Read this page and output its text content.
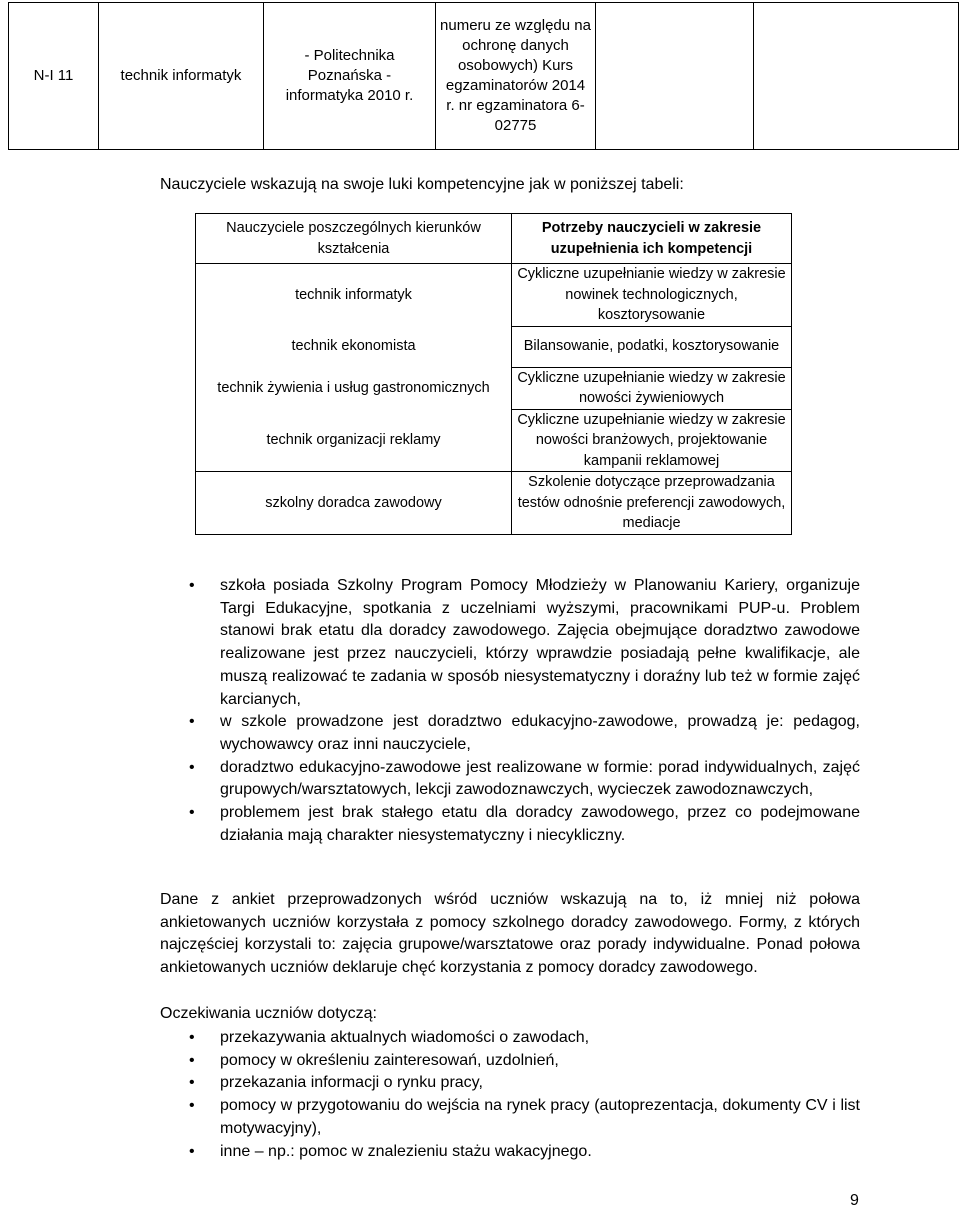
N-I 11	technik informatyk	- Politechnika Poznańska - informatyka 2010 r.	numeru ze względu na ochronę danych osobowych) Kurs egzaminatorów 2014 r. nr egzaminatora 6-02775		
Nauczyciele wskazują na swoje luki kompetencyjne jak w poniższej tabeli:
Nauczyciele poszczególnych kierunków kształcenia	Potrzeby nauczycieli w zakresie uzupełnienia ich kompetencji
technik informatyk	Cykliczne uzupełnianie wiedzy w zakresie nowinek technologicznych, kosztorysowanie
technik ekonomista	Bilansowanie, podatki, kosztorysowanie
technik żywienia i usług gastronomicznych	Cykliczne uzupełnianie wiedzy w zakresie nowości żywieniowych
technik organizacji reklamy	Cykliczne uzupełnianie wiedzy w zakresie nowości branżowych, projektowanie kampanii reklamowej
szkolny doradca zawodowy	Szkolenie dotyczące przeprowadzania testów odnośnie preferencji zawodowych, mediacje
• szkoła posiada Szkolny Program Pomocy Młodzieży w Planowaniu Kariery, organizuje Targi Edukacyjne, spotkania z uczelniami wyższymi, pracownikami PUP-u. Problem stanowi brak etatu dla doradcy zawodowego. Zajęcia obejmujące doradztwo zawodowe realizowane jest przez nauczycieli, którzy wprawdzie posiadają pełne kwalifikacje, ale muszą realizować te zadania w sposób niesystematyczny i doraźny lub też w formie zajęć karcianych,
• w szkole prowadzone jest doradztwo edukacyjno-zawodowe, prowadzą je: pedagog, wychowawcy oraz inni nauczyciele,
• doradztwo edukacyjno-zawodowe jest realizowane w formie: porad indywidualnych, zajęć grupowych/warsztatowych, lekcji zawodoznawczych, wycieczek zawodoznawczych,
• problemem jest brak stałego etatu dla doradcy zawodowego, przez co podejmowane działania mają charakter niesystematyczny i niecykliczny.

Dane z ankiet przeprowadzonych wśród uczniów wskazują na to, iż mniej niż połowa ankietowanych uczniów korzystała z pomocy szkolnego doradcy zawodowego. Formy, z których najczęściej korzystali to: zajęcia grupowe/warsztatowe oraz porady indywidualne. Ponad połowa ankietowanych uczniów deklaruje chęć korzystania z pomocy doradcy zawodowego.

Oczekiwania uczniów dotyczą:

• przekazywania aktualnych wiadomości o zawodach,
• pomocy w określeniu zainteresowań, uzdolnień,
• przekazania informacji o rynku pracy,
• pomocy w przygotowaniu do wejścia na rynek pracy (autoprezentacja, dokumenty CV i list motywacyjny),
• inne – np.: pomoc w znalezieniu stażu wakacyjnego.
9
